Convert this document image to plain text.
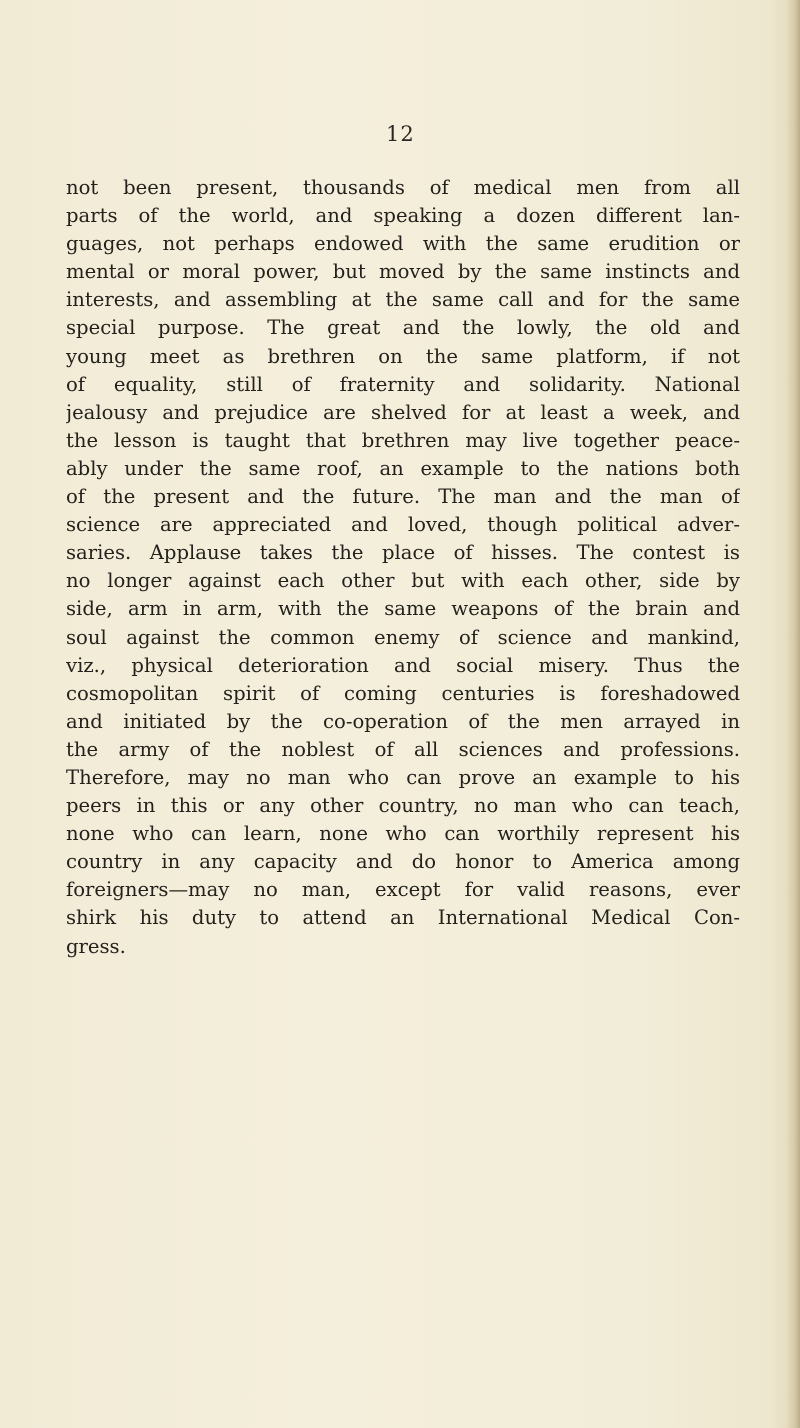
12
not been present, thousands of medical men from all
parts of the world, and speaking a dozen different lan-
guages, not perhaps endowed with the same erudition or
mental or moral power, but moved by the same instincts and
interests, and assembling at the same call and for the same
special purpose. The great and the lowly, the old and
young meet as brethren on the same platform, if not
of equality, still of fraternity and solidarity. National
jealousy and prejudice are shelved for at least a week, and
the lesson is taught that brethren may live together peace-
ably under the same roof, an example to the nations both
of the present and the future. The man and the man of
science are appreciated and loved, though political adver-
saries. Applause takes the place of hisses. The contest is
no longer against each other but with each other, side by
side, arm in arm, with the same weapons of the brain and
soul against the common enemy of science and mankind,
viz., physical deterioration and social misery. Thus the
cosmopolitan spirit of coming centuries is foreshadowed
and initiated by the co-operation of the men arrayed in
the army of the noblest of all sciences and professions.
Therefore, may no man who can prove an example to his
peers in this or any other country, no man who can teach,
none who can learn, none who can worthily represent his
country in any capacity and do honor to America among
foreigners—may no man, except for valid reasons, ever
shirk his duty to attend an International Medical Con-
gress.
